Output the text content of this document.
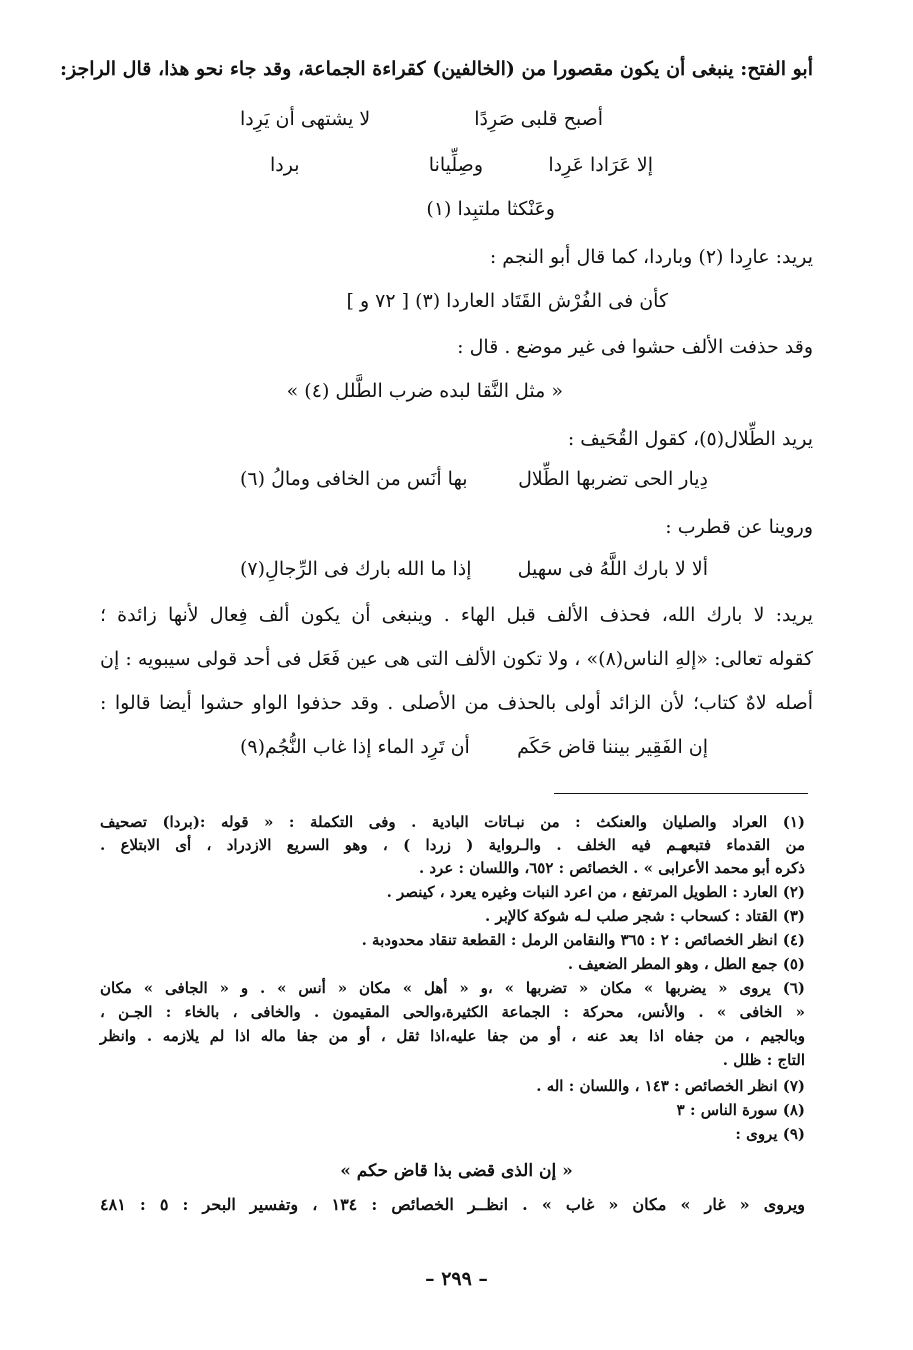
أبو الفتح: ينبغى أن يكون مقصورا من (الخالفين) كقراءة الجماعة، وقد جاء نحو هذا، قال الراجز:
أصبح قلبى صَرِدًا
لا يشتهى أن يَرِدا
إلا عَرَادا عَرِدا
وصِلِّيانا
بردا
وعَنْكثا ملتبِدا (١)
يريد: عارِدا (٢) وباردا، كما قال أبو النجم :
كأن فى الفُرْش القَتَاد العاردا (٣) [ ٧٢ و ]
وقد حذفت الألف حشوا فى غير موضع . قال :
« مثل النَّقا لبده ضرب الطَّلل (٤) »
يريد الطِّلال(٥)، كقول القُحَيف :
دِيار الحى تضربها الطِّلال
بها أنَس من الخافى ومالُ (٦)
وروينا عن قطرب :
ألا لا بارك اللَّهُ فى سهيل
إذا ما الله بارك فى الرِّجالِ(٧)
يريد: لا بارك الله، فحذف الألف قبل الهاء . وينبغى أن يكون ألف فِعال لأنها زائدة ؛
كقوله تعالى: «إلهِ الناس(٨)» ، ولا تكون الألف التى هى عين فَعَل فى أحد قولى سيبويه : إن
أصله لاهٌ كتاب؛ لأن الزائد أولى بالحذف من الأصلى . وقد حذفوا الواو حشوا أيضا قالوا :
إن الفَقِير بيننا قاض حَكَم
أن تَرِد الماء إذا غاب النُّجُم(٩)
(١) العراد والصليان والعنكث : من نبـاتات البادية . وفى التكملة : « قوله :(بردا) تصحيف
من القدماء فتبعهـم فيه الخلف . والـرواية ( زردا ) ، وهو السريع الازدراد ، أى الابتلاع .
ذكره أبو محمد الأعرابى » . الخصائص : ٦٥٢، واللسان : عرد .
(٢) العارد : الطويل المرتفع ، من اعرد النبات وغيره يعرد ، كينصر .
(٣) القتاد : كسحاب : شجر صلب لـه شوكة كالإبر .
(٤) انظر الخصائص : ٢ : ٣٦٥ والنقامن الرمل : القطعة تنقاد محدودبة .
(٥) جمع الطل ، وهو المطر الضعيف .
(٦) يروى « يضربها » مكان « تضربها » ،و « أهل » مكان « أنس » . و « الجافى » مكان
« الخافى » . والأنس، محركة : الجماعة الكثيرة،والحى المقيمون . والخافى ، بالخاء : الجـن ،
وبالجيم ، من جفاه اذا بعد عنه ، أو من جفا عليه،اذا ثقل ، أو من جفا ماله اذا لم يلازمه . وانظر
التاج : ظلل .
(٧) انظر الخصائص : ١٤٣ ، واللسان : اله .
(٨) سورة الناس : ٣
(٩) يروى :
« إن الذى قضى بذا قاض حكم »
ويروى « غار » مكان « غاب » . انظــر الخصائص : ١٣٤ ، وتفسير البحر : ٥ : ٤٨١
– ٢٩٩ –
